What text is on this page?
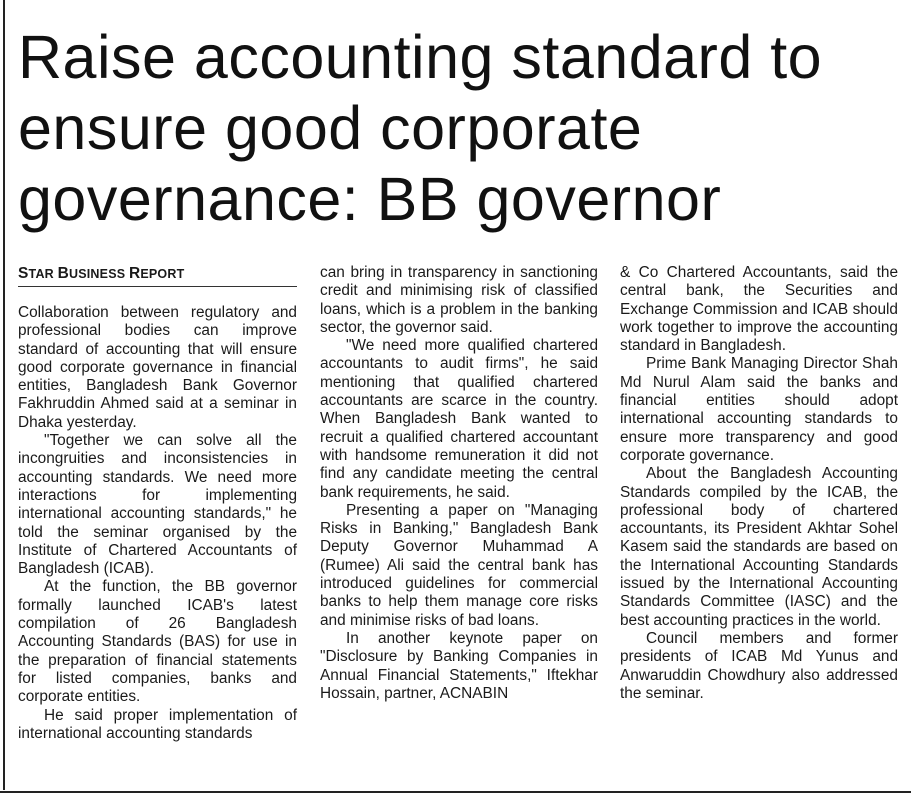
Raise accounting standard to ensure good corporate governance: BB governor
STAR BUSINESS REPORT

Collaboration between regulatory and professional bodies can improve standard of accounting that will ensure good corporate governance in financial entities, Bangladesh Bank Governor Fakhruddin Ahmed said at a seminar in Dhaka yesterday.

"Together we can solve all the incongruities and inconsistencies in accounting standards. We need more interactions for implementing international accounting standards," he told the seminar organised by the Institute of Chartered Accountants of Bangladesh (ICAB).

At the function, the BB governor formally launched ICAB's latest compilation of 26 Bangladesh Accounting Standards (BAS) for use in the preparation of financial statements for listed companies, banks and corporate entities.

He said proper implementation of international accounting standards

can bring in transparency in sanctioning credit and minimising risk of classified loans, which is a problem in the banking sector, the governor said.

"We need more qualified chartered accountants to audit firms", he said mentioning that qualified chartered accountants are scarce in the country. When Bangladesh Bank wanted to recruit a qualified chartered accountant with handsome remuneration it did not find any candidate meeting the central bank requirements, he said.

Presenting a paper on "Managing Risks in Banking," Bangladesh Bank Deputy Governor Muhammad A (Rumee) Ali said the central bank has introduced guidelines for commercial banks to help them manage core risks and minimise risks of bad loans.

In another keynote paper on "Disclosure by Banking Companies in Annual Financial Statements," Iftekhar Hossain, partner, ACNABIN

& Co Chartered Accountants, said the central bank, the Securities and Exchange Commission and ICAB should work together to improve the accounting standard in Bangladesh.

Prime Bank Managing Director Shah Md Nurul Alam said the banks and financial entities should adopt international accounting standards to ensure more transparency and good corporate governance.

About the Bangladesh Accounting Standards compiled by the ICAB, the professional body of chartered accountants, its President Akhtar Sohel Kasem said the standards are based on the International Accounting Standards issued by the International Accounting Standards Committee (IASC) and the best accounting practices in the world.

Council members and former presidents of ICAB Md Yunus and Anwaruddin Chowdhury also addressed the seminar.
